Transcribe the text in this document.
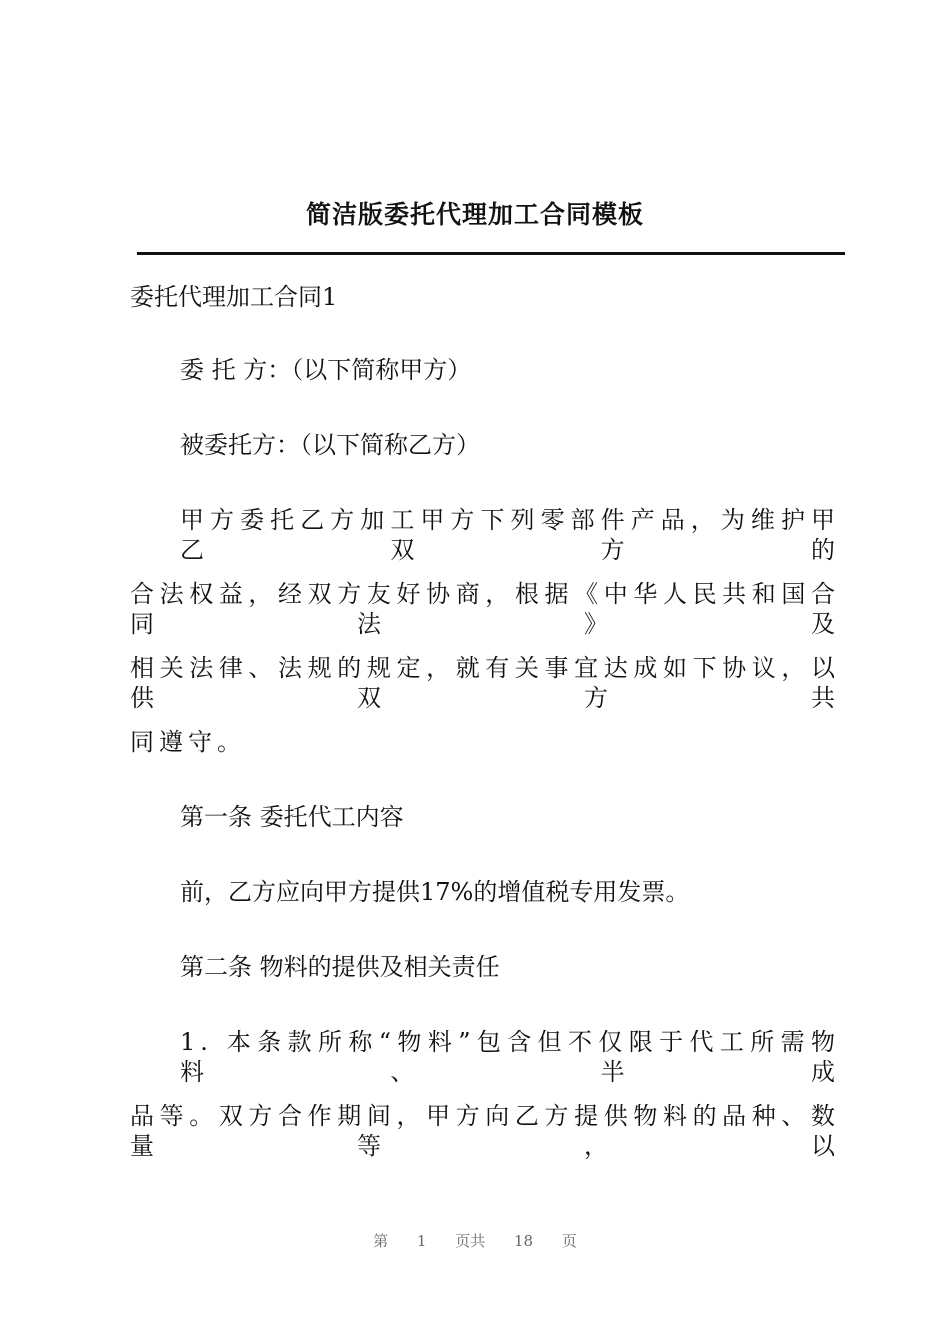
简洁版委托代理加工合同模板
委托代理加工合同1
委 托 方：（以下简称甲方）
被委托方：（以下简称乙方）
甲方委托乙方加工甲方下列零部件产品，为维护甲乙双方的
合法权益，经双方友好协商，根据《中华人民共和国合同法》及
相关法律、法规的规定，就有关事宜达成如下协议，以供双方共
同遵守。
第一条 委托代工内容
前，乙方应向甲方提供17%的增值税专用发票。
第二条 物料的提供及相关责任
1. 本条款所称“物料”包含但不仅限于代工所需物料、半成
品等。双方合作期间，甲方向乙方提供物料的品种、数量等，以
第 1 页共 18 页
